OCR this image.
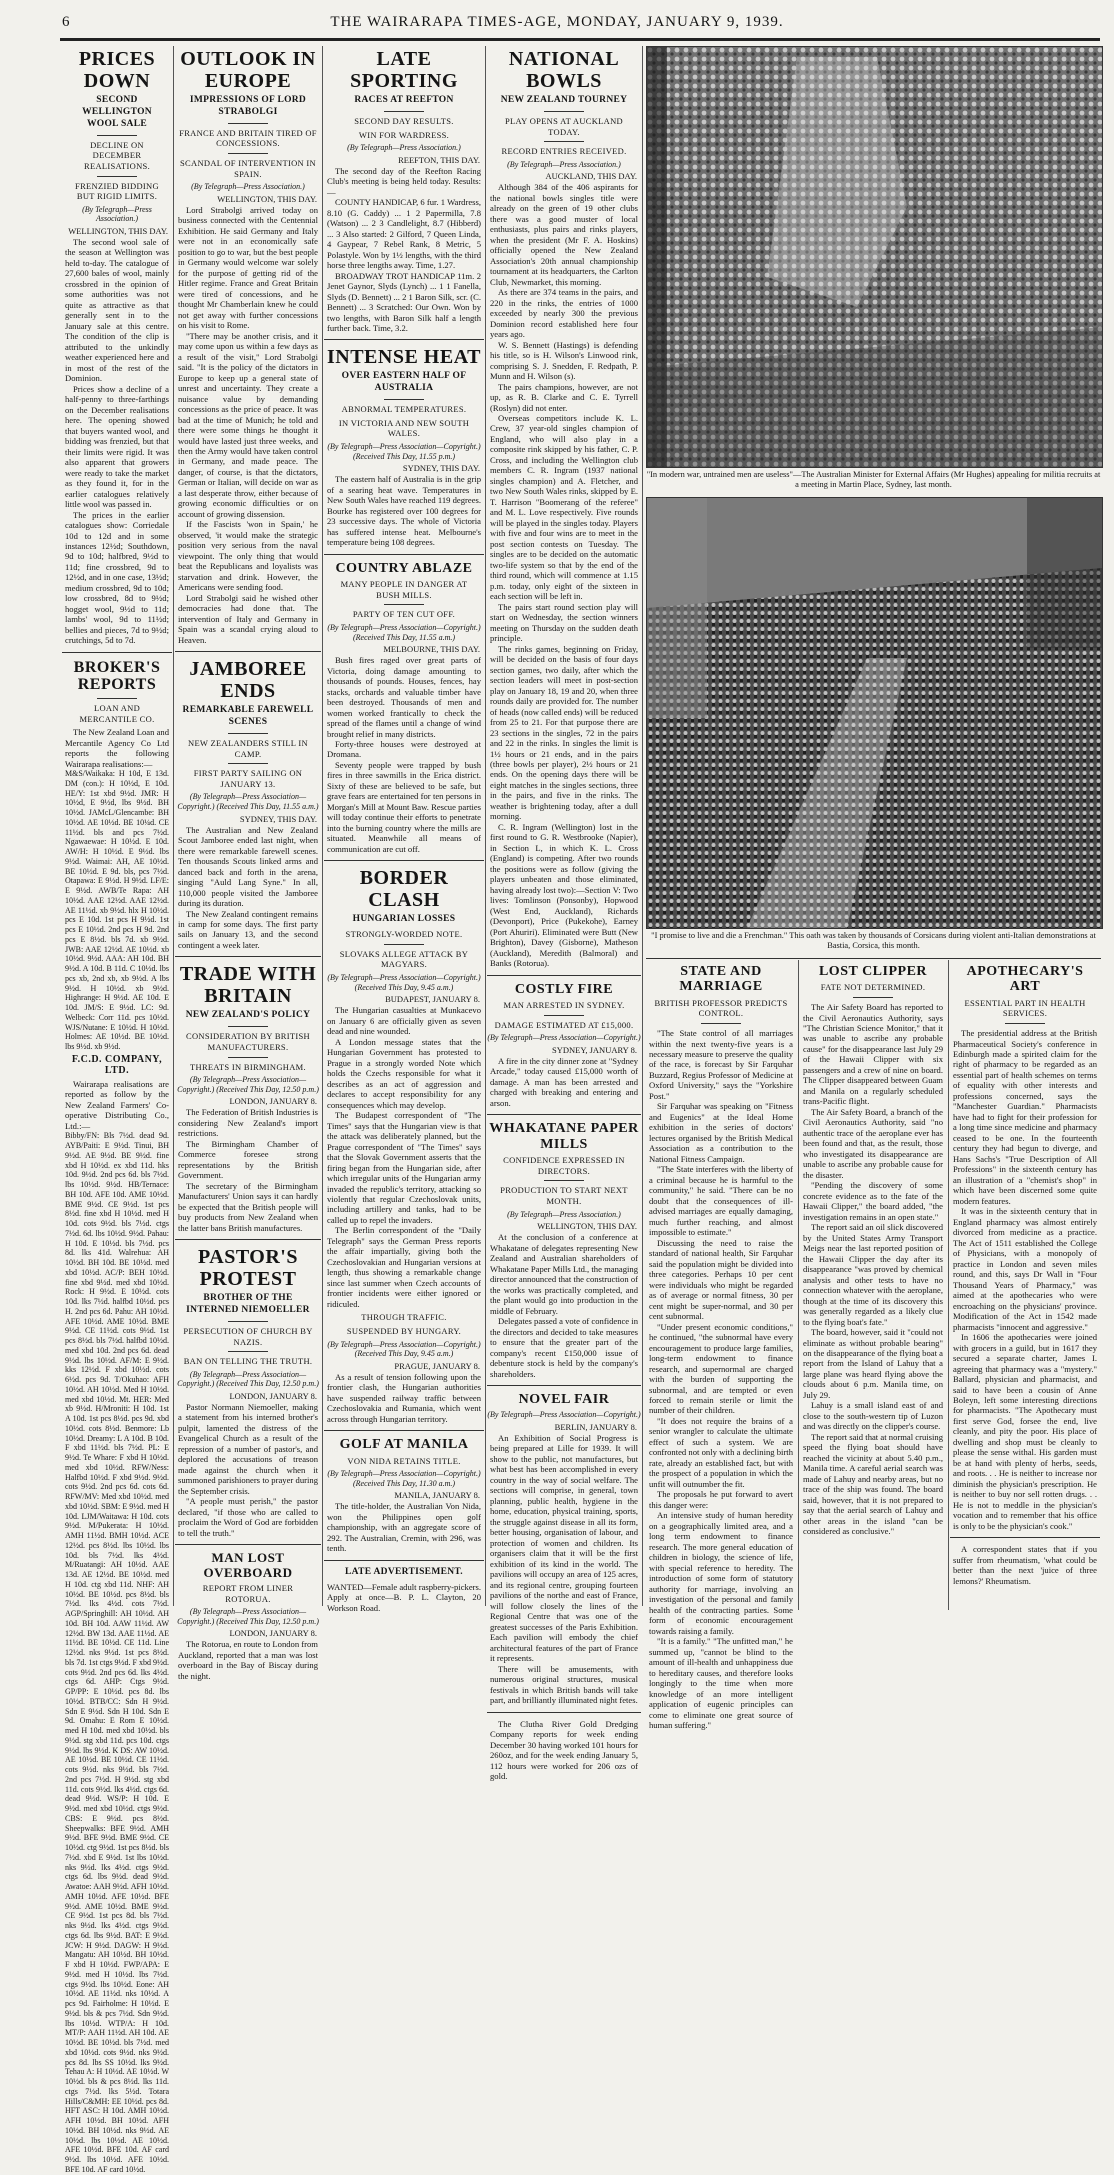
6	THE WAIRARAPA TIMES-AGE, MONDAY, JANUARY 9, 1939.
PRICES DOWN
SECOND WELLINGTON WOOL SALE
DECLINE ON DECEMBER REALISATIONS.
FRENZIED BIDDING BUT RIGID LIMITS.
(By Telegraph—Press Association.)
WELLINGTON, THIS DAY.

The second wool sale of the season at Wellington was held to-day. The catalogue of 27,600 bales of wool, mainly crossbred in the opinion of some authorities was not quite as attractive as that generally sent in to the January sale at this centre. The condition of the clip is attributed to the unkindly weather experienced here and in most of the rest of the Dominion.

Prices show a decline of a half-penny to three-farthings on the December realisations here. The opening showed that buyers wanted wool, and bidding was frenzied, but that their limits were rigid. It was also apparent that growers were ready to take the market as they found it, for in the earlier catalogues relatively little wool was passed in.

The prices in the earlier catalogues show: Corriedale 10d to 12d and in some instances 12½d; Southdown, 9d to 10d; halfbred, 9½d to 11d; fine crossbred, 9d to 12½d, and in one case, 13½d; medium crossbred, 9d to 10d; low crossbred, 8d to 9½d; hogget wool, 9½d to 11d; lambs' wool, 9d to 11½d; bellies and pieces, 7d to 9½d; crutchings, 5d to 7d.

BROKER'S REPORTS
LOAN AND MERCANTILE CO.

The New Zealand Loan and Mercantile Agency Co Ltd reports the following Wairarapa realisations:—

M&S/Waikaka: H 10d, E 13d. DM (con.): H 10½d, E 10d. HE/Y: 1st xbd 9½d. JMR: H 10½d, E 9½d, lbs 9½d. BH 10½d. JAMcL/Glencambe: BH 10½d. AE 10½d. BE 10¼d. CE 11½d. bls and pcs 7½d. Ngawaewae: H 10½d. E 10d. AW/H: H 10½d. E 9½d. lbs 9½d. Waimai: AH, AE 10½d. BE 10½d. E 9d. bls, pcs 7½d. Otapawa: E 9½d. H 9½d. LF/E: E 9½d. AWB/Te Rapa: AH 10½d. AAE 12½d. AAE 12½d. AE 11½d. xb 9½d. hlx H 10½d. pcs E 10d. 1st pcs H 9½d. 1st pcs E 10½d. 2nd pcs H 9d. 2nd pcs E 8½d. bls 7d. xb 9½d. JWB: AAE 12½d. AE 10½d. xb 10½d. 9½d. AAA: AH 10d. BH 9½d. A 10d. B 11d. C 10½d. lbs pcs xb, 2nd xb, xb 9½d. A lbs 9½d. H 10½d. xb 9½d. Highrange: H 9½d. AE 10d. E 10d. JM/S: E 9½d. LC: 9d. Welbeck: Corr 11d. pcs 10½d. WJS/Nutane: E 10½d. H 10½d. Holmes: AE 10½d. BE 10½d. lbs 9½d. xb 9½d.

F.C.D. COMPANY, LTD.

Wairarapa realisations are reported as follow by the New Zealand Farmers' Co-operative Distributing Co., Ltd.:—

Bibby/FN: Bls 7½d. dead 9d. AYB/Paiti: E 9½d. Tinui, BH 9½d. AE 9½d. BE 9½d. fine xbd H 10½d. ex xbd 11d. hks 10d. 9½d. 2nd pcs 6d. bls 7½d. lbs 10½d. 9½d. HB/Ternace: BH 10d. AFE 10d. AME 10½d. BME 9½d. CE 9½d. 1st pcs 8½d. fine xbd H 10½d. med H 10d. cots 9½d. bls 7½d. ctgs 7½d. 6d. lbs 10½d. 9½d. Pahau: H 10d. E 10½d. bls 7½d. pcs 8d. lks 41d. Walrehua: AH 10½d. BH 10d. BE 10½d. med xbd 10½d. AC/P: BEH 10½d. fine xbd 9½d. med xbd 10½d. Rock: H 9½d. E 10½d. cots 10d. lks 7½d. halfbd 10½d. pcs H. 2nd pcs 6d. Pahu: AH 10½d. AFE 10½d. AME 10½d. BME 9½d. CE 11½d. cots 9½d. 1st pcs 8½d. bls 7½d. halfbd 10½d. med xbd 10d. 2nd pcs 6d. dead 9½d. lbs 10½d. AF/M: E 9½d. kks 12½d. F xbd 10½d. cots 6½d. pcs 9d. T/Okuhao: AFH 10½d. AH 10½d. Med H 10½d. med xbd 10½d. Mt. HER: Med xb 9½d. H/Mroniti: H 10d. 1st A 10d. 1st pcs 8½d. pcs 9d. xbd 10½d. cots 8½d. Benmore: Lb 10½d. Dreamy: L A 10d. B 10d. F xbd 11½d. bls 7½d. PL: E 9½d. Te Whare: F xbd H 10½d. med xbd 10½d. RFW/Ness: Halfbd 10½d. F xbd 9½d. 9½d. cots 9½d. 2nd pcs 6d. cots 6d. RFW/MV: Med xbd 10½d. med xbd 10½d. SBM: E 9½d. med H 10d. LJM/Waitawa: H 10d. cots 9½d. M/Pukerata: H 10½d. AMH 11½d. BMH 10½d. ACE 12½d. pcs 8½d. lbs 10½d. lbs 10d. bls 7½d. lks 4½d. M/Ruatangi: AH 10½d. AAE 13d. AE 12½d. BE 10½d. med H 10d. ctg xbd 11d. NHF: AH 10½d. BE 10½d. pcs 8½d. bls 7½d. lks 4½d. cots 7½d. AGP/Springhill: AH 10½d. AH 10d. BH 10d. AAW 11½d. AW 12½d. BW 13d. AAE 11½d. AE 11½d. BE 10½d. CE 11d. Line 12½d. nks 9½d. 1st pcs 8½d. bls 7d. 1st ctgs 9½d. F xbd 9½d. cots 9½d. 2nd pcs 6d. lks 4½d. ctgs 6d. AHP: Ctgs 9½d. GP/PP: E 10½d. pcs 8d. lbs 10½d. BTB/CC: Sdn H 9½d. Sdn E 9½d. Sdn H 10d. Sdn E 9d. Omahu: E Rom E 10½d. med H 10d. med xbd 10½d. bls 9½d. stg xbd 11d. pcs 10d. ctgs 9½d. lbs 9½d. K DS: AW 10½d. AE 10½d. BE 10½d. CE 11½d. cots 9½d. nks 9½d. bls 7½d. 2nd pcs 7½d. H 9½d. stg xbd 11d. cots 9½d. lks 4½d. ctgs 6d. dead 9½d. WS/P: H 10d. E 9½d. med xbd 10½d. ctgs 9½d. CBS: E 9½d. pcs 8½d. Sheepwalks: BFE 9½d. AMH 9½d. BFE 9½d. BME 9½d. CE 10½d. ctg 9½d. 1st pcs 8½d. bls 7½d. xbd E 9½d. 1st lbs 10½d. nks 9½d. lks 4½d. ctgs 9½d. ctgs 6d. lbs 9½d. dead 9½d. Awatoe: AAH 9½d. AFH 10½d. AMH 10½d. AFE 10½d. BFE 9½d. AME 10½d. BME 9½d. CE 9½d. 1st pcs 8d. bls 7½d. nks 9½d. lks 4½d. ctgs 9½d. ctgs 6d. lbs 9½d. BAT: E 9½d. JCW: H 9½d. DAGW: H 9½d. Mangatu: AH 10½d. BH 10½d. F xbd H 10½d. FWP/APA: E 9½d. med H 10½d. lbs 7½d. ctgs 9½d. lbs 10½d. Eone: AH 10½d. AE 11½d. nks 10½d. A pcs 9d. Fairholme: H 10½d. E 9½d. bls & pcs 7½d. Sdn 9½d. lbs 10½d. WTP/A: H 10d. MT/P: AAH 11½d. AH 10d. AE 10½d. BE 10½d. bls 7½d. med xbd 10½d. cots 9½d. nks 9½d. pcs 8d. lbs SS 10½d. lks 9½d. Tehau A: H 10½d. AE 10½d. W 10½d. bls & pcs 8½d. lks 11d. ctgs 7½d. lks 5½d. Totara Hills/C&MH: EE 10½d. pcs 8d. HFT ASC: H 10d. AMH 10½d. AFH 10½d. BH 10½d. AFH 10½d. BH 10½d. nks 9½d. AE 10½d. lbs 10½d. AE 10½d. AFE 10½d. BFE 10d. AF card 9½d. lbs 10½d. AFE 10½d. BFE 10d. AF card 10½d.

OUTLOOK IN EUROPE
IMPRESSIONS OF LORD STRABOLGI
FRANCE AND BRITAIN TIRED OF CONCESSIONS.
SCANDAL OF INTERVENTION IN SPAIN.
(By Telegraph—Press Association.)
WELLINGTON, THIS DAY.

Lord Strabolgi arrived today on business connected with the Centennial Exhibition. He said Germany and Italy were not in an economically safe position to go to war, but the best people in Germany would welcome war solely for the purpose of getting rid of the Hitler regime. France and Great Britain were tired of concessions, and he thought Mr Chamberlain knew he could not get away with further concessions on his visit to Rome.

"There may be another crisis, and it may come upon us within a few days as a result of the visit," Lord Strabolgi said. "It is the policy of the dictators in Europe to keep up a general state of unrest and uncertainty. They create a nuisance value by demanding concessions as the price of peace. It was bad at the time of Munich; he told and there were some things he thought it would have lasted just three weeks, and then the Army would have taken control in Germany, and made peace. The danger, of course, is that the dictators, German or Italian, will decide on war as a last desperate throw, either because of growing economic difficulties or on account of growing dissension.

If the Fascists 'won in Spain,' he observed, 'it would make the strategic position very serious from the naval viewpoint. The only thing that would beat the Republicans and loyalists was starvation and drink. However, the Americans were sending food.

Lord Strabolgi said he wished other democracies had done that. The intervention of Italy and Germany in Spain was a scandal crying aloud to Heaven.

JAMBOREE ENDS
REMARKABLE FAREWELL SCENES
NEW ZEALANDERS STILL IN CAMP.
FIRST PARTY SAILING ON JANUARY 13.
(By Telegraph—Press Association—Copyright.) (Received This Day, 11.55 a.m.)
SYDNEY, THIS DAY.

The Australian and New Zealand Scout Jamboree ended last night, when there were remarkable farewell scenes. Ten thousands Scouts linked arms and danced back and forth in the arena, singing "Auld Lang Syne." In all, 110,000 people visited the Jamboree during its duration.

The New Zealand contingent remains in camp for some days. The first party sails on January 13, and the second contingent a week later.

TRADE WITH BRITAIN
NEW ZEALAND'S POLICY
CONSIDERATION BY BRITISH MANUFACTURERS.
THREATS IN BIRMINGHAM.
(By Telegraph—Press Association—Copyright.) (Received This Day, 12.50 p.m.)
LONDON, JANUARY 8.

The Federation of British Industries is considering New Zealand's import restrictions.

The Birmingham Chamber of Commerce foresee strong representations by the British Government.

The secretary of the Birmingham Manufacturers' Union says it can hardly be expected that the British people will buy products from New Zealand when the latter bans British manufactures.

PASTOR'S PROTEST
BROTHER OF THE INTERNED NIEMOELLER
PERSECUTION OF CHURCH BY NAZIS.
BAN ON TELLING THE TRUTH.
(By Telegraph—Press Association—Copyright.) (Received This Day, 12.50 p.m.)
LONDON, JANUARY 8.

Pastor Normann Niemoeller, making a statement from his interned brother's pulpit, lamented the distress of the Evangelical Church as a result of the repression of a number of pastor's, and deplored the accusations of treason made against the church when it summoned parishioners to prayer during the September crisis.

"A people must perish," the pastor declared, "if those who are called to proclaim the Word of God are forbidden to tell the truth."

MAN LOST OVERBOARD
REPORT FROM LINER ROTORUA.
(By Telegraph—Press Association—Copyright.) (Received This Day, 12.50 p.m.)
LONDON, JANUARY 8.

The Rotorua, en route to London from Auckland, reported that a man was lost overboard in the Bay of Biscay during the night.

LATE SPORTING
RACES AT REEFTON
SECOND DAY RESULTS.
WIN FOR WARDRESS.
(By Telegraph—Press Association.)
REEFTON, THIS DAY.

The second day of the Reefton Racing Club's meeting is being held today. Results:—

COUNTY HANDICAP, 6 fur. 1 Wardress, 8.10 (G. Caddy) ... 1 2 Papermilla, 7.8 (Watson) ... 2 3 Candlelight, 8.7 (Hibberd) ... 3 Also started: 2 Gilford, 7 Queen Linda, 4 Gaypear, 7 Rebel Rank, 8 Metric, 5 Polastyle. Won by 1½ lengths, with the third horse three lengths away. Time, 1.27.

BROADWAY TROT HANDICAP 11m. 2 Jenet Gaynor, Slyds (Lynch) ... 1 1 Fanella, Slyds (D. Bennett) ... 2 1 Baron Silk, scr. (C. Bennett) ... 3 Scratched: Our Own. Won by two lengths, with Baron Silk half a length further back. Time, 3.2.

INTENSE HEAT
OVER EASTERN HALF OF AUSTRALIA
ABNORMAL TEMPERATURES.
IN VICTORIA AND NEW SOUTH WALES.
(By Telegraph—Press Association—Copyright.) (Received This Day, 11.55 p.m.)
SYDNEY, THIS DAY.

The eastern half of Australia is in the grip of a searing heat wave. Temperatures in New South Wales have reached 119 degrees. Bourke has registered over 100 degrees for 23 successive days. The whole of Victoria has suffered intense heat. Melbourne's temperature being 108 degrees.

COUNTRY ABLAZE
MANY PEOPLE IN DANGER AT BUSH MILLS.
PARTY OF TEN CUT OFF.
(By Telegraph—Press Association—Copyright.) (Received This Day, 11.55 a.m.)
MELBOURNE, THIS DAY.

Bush fires raged over great parts of Victoria, doing damage amounting to thousands of pounds. Houses, fences, hay stacks, orchards and valuable timber have been destroyed. Thousands of men and women worked frantically to check the spread of the flames until a change of wind brought relief in many districts.

Forty-three houses were destroyed at Dromana.

Seventy people were trapped by bush fires in three sawmills in the Erica district. Sixty of these are believed to be safe, but grave fears are entertained for ten persons in Morgan's Mill at Mount Baw. Rescue parties will today continue their efforts to penetrate into the burning country where the mills are situated. Meanwhile all means of communication are cut off.

BORDER CLASH
HUNGARIAN LOSSES
STRONGLY-WORDED NOTE.
SLOVAKS ALLEGE ATTACK BY MAGYARS.
(By Telegraph—Press Association—Copyright.) (Received This Day, 9.45 a.m.)
BUDAPEST, JANUARY 8.

The Hungarian casualties at Munkacevo on January 6 are officially given as seven dead and nine wounded.

A London message states that the Hungarian Government has protested to Prague in a strongly worded Note which holds the Czechs responsible for what it describes as an act of aggression and declares to accept responsibility for any consequences which may develop.

The Budapest correspondent of "The Times" says that the Hungarian view is that the attack was deliberately planned, but the Prague correspondent of "The Times" says that the Slovak Government asserts that the firing began from the Hungarian side, after which irregular units of the Hungarian army invaded the republic's territory, attacking so violently that regular Czechoslovak units, including artillery and tanks, had to be called up to repel the invaders.

The Berlin correspondent of the "Daily Telegraph" says the German Press reports the affair impartially, giving both the Czechoslovakian and Hungarian versions at length, thus showing a remarkable change since last summer when Czech accounts of frontier incidents were either ignored or ridiculed.

THROUGH TRAFFIC.
SUSPENDED BY HUNGARY.
(By Telegraph—Press Association—Copyright.) (Received This Day, 9.45 a.m.)
PRAGUE, JANUARY 8.

As a result of tension following upon the frontier clash, the Hungarian authorities have suspended railway traffic between Czechoslovakia and Rumania, which went across through Hungarian territory.

GOLF AT MANILA
VON NIDA RETAINS TITLE.
(By Telegraph—Press Association—Copyright.) (Received This Day, 11.30 a.m.)
MANILA, JANUARY 8.

The title-holder, the Australian Von Nida, won the Philippines open golf championship, with an aggregate score of 292. The Australian, Cremin, with 296, was tenth.

LATE ADVERTISEMENT.

WANTED—Female adult raspberry-pickers. Apply at once—B. P. L. Clayton, 20 Workson Road.

NATIONAL BOWLS
NEW ZEALAND TOURNEY
PLAY OPENS AT AUCKLAND TODAY.
RECORD ENTRIES RECEIVED.
(By Telegraph—Press Association.)
AUCKLAND, THIS DAY.

Although 384 of the 406 aspirants for the national bowls singles title were already on the green of 19 other clubs there was a good muster of local enthusiasts, plus pairs and rinks players, when the president (Mr F. A. Hoskins) officially opened the New Zealand Association's 20th annual championship tournament at its headquarters, the Carlton Club, Newmarket, this morning.

As there are 374 teams in the pairs, and 220 in the rinks, the entries of 1000 exceeded by nearly 300 the previous Dominion record established here four years ago.

W. S. Bennett (Hastings) is defending his title, so is H. Wilson's Linwood rink, comprising S. J. Snedden, F. Redpath, P. Munn and H. Wilson (s).

The pairs champions, however, are not up, as R. B. Clarke and C. E. Tyrrell (Roslyn) did not enter.

Overseas competitors include K. L. Crew, 37 year-old singles champion of England, who will also play in a composite rink skipped by his father, C. P. Cross, and including the Wellington club members C. R. Ingram (1937 national singles champion) and A. Fletcher, and two New South Wales rinks, skipped by E. T. Harrison "Boomerang of the referee" and M. L. Love respectively. Five rounds will be played in the singles today. Players with five and four wins are to meet in the post section contests on Tuesday. The singles are to be decided on the automatic two-life system so that by the end of the third round, which will commence at 1.15 p.m. today, only eight of the sixteen in each section will be left in.

The pairs start round section play will start on Wednesday, the section winners meeting on Thursday on the sudden death principle.

The rinks games, beginning on Friday, will be decided on the basis of four days section games, two daily, after which the section leaders will meet in post-section play on January 18, 19 and 20, when three rounds daily are provided for. The number of heads (now called ends) will be reduced from 25 to 21. For that purpose there are 23 sections in the singles, 72 in the pairs and 22 in the rinks. In singles the limit is 1½ hours or 21 ends, and in the pairs (three bowls per player), 2½ hours or 21 ends. On the opening days there will be eight matches in the singles sections, three in the pairs, and five in the rinks. The weather is brightening today, after a dull morning.

C. R. Ingram (Wellington) lost in the first round to G. R. Westbrooke (Napier), in Section L, in which K. L. Cross (England) is competing. After two rounds the positions were as follow (giving the players unbeaten and those eliminated, having already lost two):—Section V: Two lives: Tomlinson (Ponsonby), Hopwood (West End, Auckland), Richards (Devonport), Price (Pukekohe), Earney (Port Ahuriri). Eliminated were Butt (New Brighton), Davey (Gisborne), Matheson (Auckland), Meredith (Balmoral) and Banks (Rotorua).

COSTLY FIRE
MAN ARRESTED IN SYDNEY.
DAMAGE ESTIMATED AT £15,000.
(By Telegraph—Press Association—Copyright.)
SYDNEY, JANUARY 8.

A fire in the city dinner zone at "Sydney Arcade," today caused £15,000 worth of damage. A man has been arrested and charged with breaking and entering and arson.

WHAKATANE PAPER MILLS
CONFIDENCE EXPRESSED IN DIRECTORS.
PRODUCTION TO START NEXT MONTH.
(By Telegraph—Press Association.)
WELLINGTON, THIS DAY.

At the conclusion of a conference at Whakatane of delegates representing New Zealand and Australian shareholders of Whakatane Paper Mills Ltd., the managing director announced that the construction of the works was practically completed, and the plant would go into production in the middle of February.

Delegates passed a vote of confidence in the directors and decided to take measures to ensure that the greater part of the company's recent £150,000 issue of debenture stock is held by the company's shareholders.

NOVEL FAIR
(By Telegraph—Press Association—Copyright.)
BERLIN, JANUARY 8.

An Exhibition of Social Progress is being prepared at Lille for 1939. It will show to the public, not manufactures, but what best has been accomplished in every country in the way of social welfare. The sections will comprise, in general, town planning, public health, hygiene in the home, education, physical training, sports, the struggle against disease in all its form, better housing, organisation of labour, and protection of women and children. Its organisers claim that it will be the first exhibition of its kind in the world. The pavilions will occupy an area of 125 acres, and its regional centre, grouping fourteen pavilions of the northe and east of France, will follow closely the lines of the Regional Centre that was one of the greatest successes of the Paris Exhibition. Each pavilion will embody the chief architectural features of the part of France it represents.

There will be amusements, with numerous original structures, musical festivals in which British bands will take part, and brilliantly illuminated night fetes.

The Clutha River Gold Dredging Company reports for week ending December 30 having worked 101 hours for 260oz, and for the week ending January 5, 112 hours were worked for 206 ozs of gold.

"In modern war, untrained men are useless"—The Australian Minister for External Affairs (Mr Hughes) appealing for militia recruits at a meeting in Martin Place, Sydney, last month.
"I promise to live and die a Frenchman." This oath was taken by thousands of Corsicans during violent anti-Italian demonstrations at Bastia, Corsica, this month.
STATE AND MARRIAGE
BRITISH PROFESSOR PREDICTS CONTROL.

"The State control of all marriages within the next twenty-five years is a necessary measure to preserve the quality of the race, is forecast by Sir Farquhar Buzzard, Regius Professor of Medicine at Oxford University," says the "Yorkshire Post."

Sir Farquhar was speaking on "Fitness and Eugenics" at the Ideal Home exhibition in the series of doctors' lectures organised by the British Medical Association as a contribution to the National Fitness Campaign.

"The State interferes with the liberty of a criminal because he is harmful to the community," he said. "There can be no doubt that the consequences of ill-advised marriages are equally damaging, much further reaching, and almost impossible to estimate."

Discussing the need to raise the standard of national health, Sir Farquhar said the population might be divided into three categories. Perhaps 10 per cent were individuals who might be regarded as of average or normal fitness, 30 per cent might be super-normal, and 30 per cent subnormal.

"Under present economic conditions," he continued, "the subnormal have every encouragement to produce large families, long-term endowment to finance research, and supernormal are charged with the burden of supporting the subnormal, and are tempted or even forced to remain sterile or limit the number of their children.

"It does not require the brains of a senior wrangler to calculate the ultimate effect of such a system. We are confronted not only with a declining birth rate, already an established fact, but with the prospect of a population in which the unfit will outnumber the fit.

The proposals he put forward to avert this danger were:

An intensive study of human heredity on a geographically limited area, and a long term endowment to finance research. The more general education of children in biology, the science of life, with special reference to heredity. The introduction of some form of statutory authority for marriage, involving an investigation of the personal and family health of the contracting parties. Some form of economic encouragement towards raising a family.

"It is a family." "The unfitted man," he summed up, "cannot be blind to the amount of ill-health and unhappiness due to hereditary causes, and therefore looks longingly to the time when more knowledge of an more intelligent application of eugenic principles can come to eliminate one great source of human suffering."

LOST CLIPPER
FATE NOT DETERMINED.

The Air Safety Board has reported to the Civil Aeronautics Authority, says "The Christian Science Monitor," that it was unable to ascribe any probable cause" for the disappearance last July 29 of the Hawaii Clipper with six passengers and a crew of nine on board. The Clipper disappeared between Guam and Manila on a regularly scheduled trans-Pacific flight.

The Air Safety Board, a branch of the Civil Aeronautics Authority, said "no authentic trace of the aeroplane ever has been found and that, as the result, those who investigated its disappearance are unable to ascribe any probable cause for the disaster.

"Pending the discovery of some concrete evidence as to the fate of the Hawaii Clipper," the board added, "the investigation remains in an open state."

The report said an oil slick discovered by the United States Army Transport Meigs near the last reported position of the Hawaii Clipper the day after its disappearance "was proved by chemical analysis and other tests to have no connection whatever with the aeroplane, though at the time of its discovery this was generally regarded as a likely clue to the flying boat's fate."

The board, however, said it "could not eliminate as without probable bearing" on the disappearance of the flying boat a report from the Island of Lahuy that a large plane was heard flying above the clouds about 6 p.m. Manila time, on July 29.

Lahuy is a small island east of and close to the south-western tip of Luzon and was directly on the clipper's course.

The report said that at normal cruising speed the flying boat should have reached the vicinity at about 5.40 p.m., Manila time. A careful aerial search was made of Lahuy and nearby areas, but no trace of the ship was found. The board said, however, that it is not prepared to say that the aerial search of Lahuy and other areas in the island "can be considered as conclusive."

APOTHECARY'S ART
ESSENTIAL PART IN HEALTH SERVICES.

The presidential address at the British Pharmaceutical Society's conference in Edinburgh made a spirited claim for the right of pharmacy to be regarded as an essential part of health schemes on terms of equality with other interests and professions concerned, says the "Manchester Guardian." Pharmacists have had to fight for their profession for a long time since medicine and pharmacy ceased to be one. In the fourteenth century they had begun to diverge, and Hans Sachs's "True Description of All Professions" in the sixteenth century has an illustration of a "chemist's shop" in which have been discerned some quite modern features.

It was in the sixteenth century that in England pharmacy was almost entirely divorced from medicine as a practice. The Act of 1511 established the College of Physicians, with a monopoly of practice in London and seven miles round, and this, says Dr Wall in "Four Thousand Years of Pharmacy," was aimed at the apothecaries who were encroaching on the physicians' province. Modification of the Act in 1542 made pharmacists "innocent and aggressive."

In 1606 the apothecaries were joined with grocers in a guild, but in 1617 they secured a separate charter, James I. agreeing that pharmacy was a "mystery." Ballard, physician and pharmacist, and said to have been a cousin of Anne Boleyn, left some interesting directions for pharmacists. "The Apothecary must first serve God, forsee the end, live cleanly, and pity the poor. His place of dwelling and shop must be cleanly to please the sense withal. His garden must be at hand with plenty of herbs, seeds, and roots. . . He is neither to increase nor diminish the physician's prescription. He is neither to buy nor sell rotten drugs. . . He is not to meddle in the physician's vocation and to remember that his office is only to be the physician's cook."

A correspondent states that if you suffer from rheumatism, 'what could be better than the next 'juice of three lemons?' Rheumatism.
